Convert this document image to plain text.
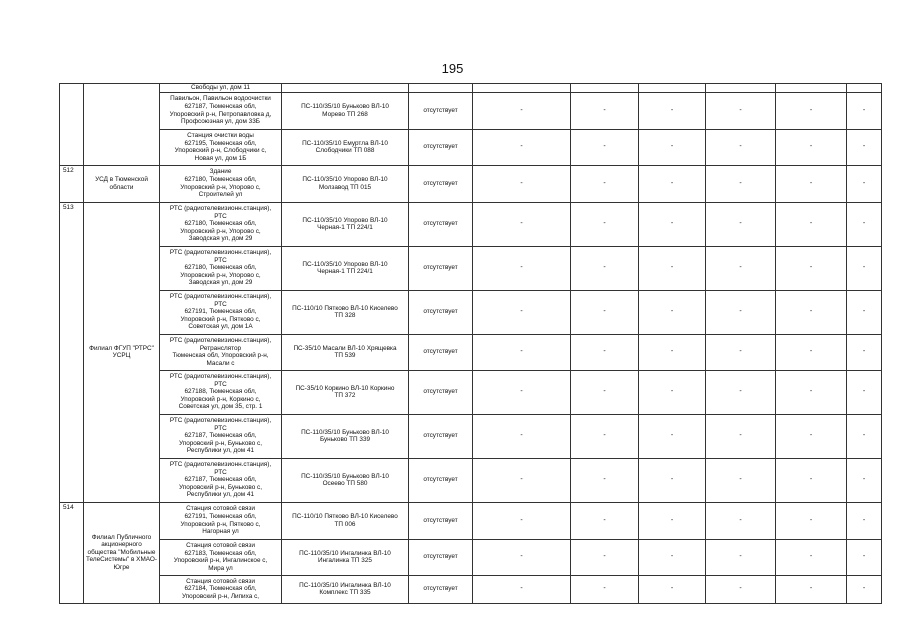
195

		Свободы ул, дом 11								

		Павильон, Павильон водоочистки
627187, Тюменская обл,
Упоровский р-н, Петропавловка д,
Профсоюзная ул, дом 33Б	ПС-110/35/10 Буньково ВЛ-10
Морево ТП 268	отсутствует	-	-	-	-	-	-

		Станция очистки воды
627195, Тюменская обл,
Упоровский р-н, Слободчики с,
Новая ул, дом 1Б	ПС-110/35/10 Емуртла ВЛ-10
Слободчики ТП 088	отсутствует	-	-	-	-	-	-
512	УСД в Тюменской области	Здание
627180, Тюменская обл,
Упоровский р-н, Упорово с,
Строителей ул	ПС-110/35/10 Упорово ВЛ-10
Молзавод ТП 015	отсутствует	-	-	-	-	-	-
513	Филиал ФГУП "РТРС" УСРЦ	РТС (радиотелевизионн.станция),
РТС
627180, Тюменская обл,
Упоровский р-н, Упорово с,
Заводская ул, дом 29	ПС-110/35/10 Упорово ВЛ-10
Черная-1 ТП 224/1	отсутствует	-	-	-	-	-	-

		РТС (радиотелевизионн.станция),
РТС
627180, Тюменская обл,
Упоровский р-н, Упорово с,
Заводская ул, дом 29	ПС-110/35/10 Упорово ВЛ-10
Черная-1 ТП 224/1	отсутствует	-	-	-	-	-	-

		РТС (радиотелевизионн.станция),
РТС
627191, Тюменская обл,
Упоровский р-н, Пятково с,
Советская ул, дом 1А	ПС-110/10 Пятково ВЛ-10 Киселево
ТП 328	отсутствует	-	-	-	-	-	-

		РТС (радиотелевизионн.станция),
Ретранслятор
Тюменская обл, Упоровский р-н,
Масали с	ПС-35/10 Масали ВЛ-10 Хрящевка
ТП 539	отсутствует	-	-	-	-	-	-

		РТС (радиотелевизионн.станция),
РТС
627188, Тюменская обл,
Упоровский р-н, Коркино с,
Советская ул, дом 35, стр. 1	ПС-35/10 Коркино ВЛ-10 Коркино
ТП 372	отсутствует	-	-	-	-	-	-

		РТС (радиотелевизионн.станция),
РТС
627187, Тюменская обл,
Упоровский р-н, Буньково с,
Республики ул, дом 41	ПС-110/35/10 Буньково ВЛ-10
Буньково ТП 339	отсутствует	-	-	-	-	-	-

		РТС (радиотелевизионн.станция),
РТС
627187, Тюменская обл,
Упоровский р-н, Буньково с,
Республики ул, дом 41	ПС-110/35/10 Буньково ВЛ-10
Осеево ТП 580	отсутствует	-	-	-	-	-	-
514	Филиал Публичного акционерного общества "Мобильные ТелеСистемы" в ХМАО-Югре	Станция сотовой связи
627191, Тюменская обл,
Упоровский р-н, Пятково с,
Нагорная ул	ПС-110/10 Пятково ВЛ-10 Киселево
ТП 006	отсутствует	-	-	-	-	-	-

		Станция сотовой связи
627183, Тюменская обл,
Упоровский р-н, Ингалинское с,
Мира ул	ПС-110/35/10 Ингалинка ВЛ-10
Ингалинка ТП 325	отсутствует	-	-	-	-	-	-

		Станция сотовой связи
627184, Тюменская обл,
Упоровский р-н, Липиха с,	ПС-110/35/10 Ингалинка ВЛ-10
Комплекс ТП 335	отсутствует	-	-	-	-	-	-
